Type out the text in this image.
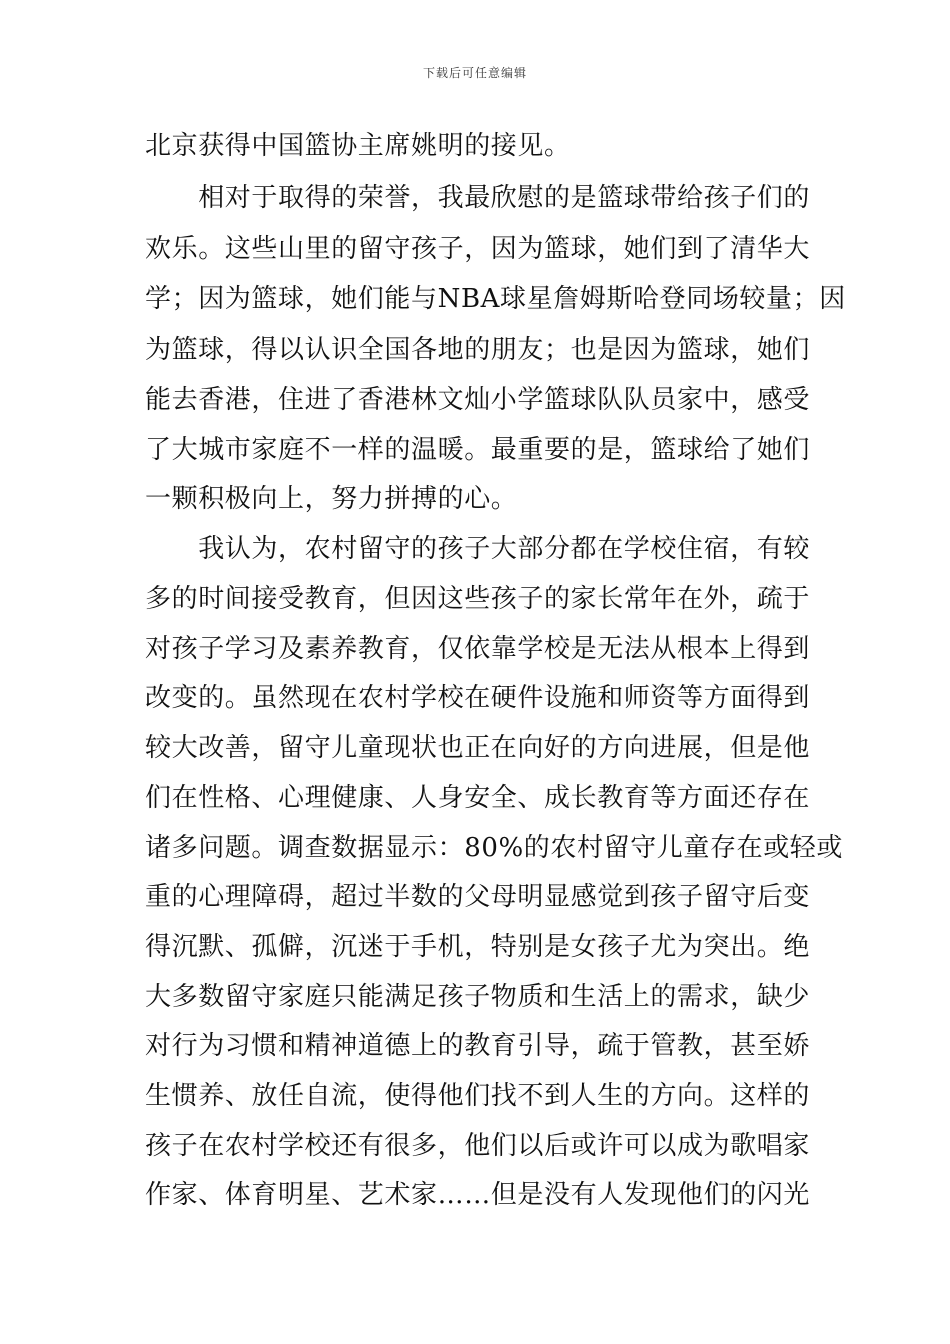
下载后可任意编辑
北京获得中国篮协主席姚明的接见。
　　相对于取得的荣誉，我最欣慰的是篮球带给孩子们的
欢乐。这些山里的留守孩子，因为篮球，她们到了清华大
学；因为篮球，她们能与NBA球星詹姆斯哈登同场较量；因
为篮球，得以认识全国各地的朋友；也是因为篮球，她们
能去香港，住进了香港林文灿小学篮球队队员家中，感受
了大城市家庭不一样的温暖。最重要的是，篮球给了她们
一颗积极向上，努力拼搏的心。
　　我认为，农村留守的孩子大部分都在学校住宿，有较
多的时间接受教育，但因这些孩子的家长常年在外，疏于
对孩子学习及素养教育，仅依靠学校是无法从根本上得到
改变的。虽然现在农村学校在硬件设施和师资等方面得到
较大改善，留守儿童现状也正在向好的方向进展，但是他
们在性格、心理健康、人身安全、成长教育等方面还存在
诸多问题。调查数据显示：80%的农村留守儿童存在或轻或
重的心理障碍，超过半数的父母明显感觉到孩子留守后变
得沉默、孤僻，沉迷于手机，特别是女孩子尤为突出。绝
大多数留守家庭只能满足孩子物质和生活上的需求，缺少
对行为习惯和精神道德上的教育引导，疏于管教，甚至娇
生惯养、放任自流，使得他们找不到人生的方向。这样的
孩子在农村学校还有很多，他们以后或许可以成为歌唱家
作家、体育明星、艺术家……但是没有人发现他们的闪光
